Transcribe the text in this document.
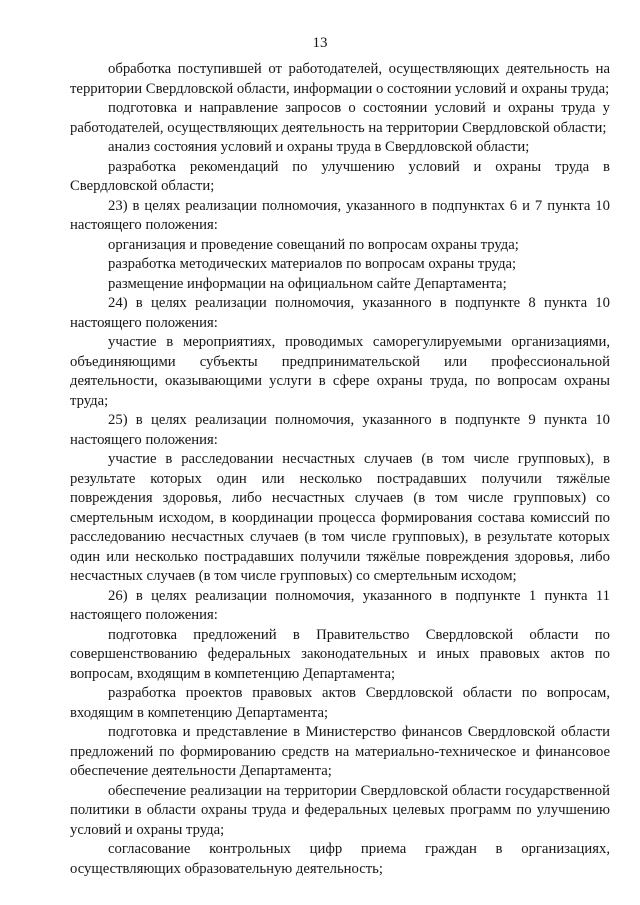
13

обработка поступившей от работодателей, осуществляющих деятельность на территории Свердловской области, информации о состоянии условий и охраны труда;

подготовка и направление запросов о состоянии условий и охраны труда у работодателей, осуществляющих деятельность на территории Свердловской области;

анализ состояния условий и охраны труда в Свердловской области;

разработка рекомендаций по улучшению условий и охраны труда в Свердловской области;

23) в целях реализации полномочия, указанного в подпунктах 6 и 7 пункта 10 настоящего положения:

организация и проведение совещаний по вопросам охраны труда;

разработка методических материалов по вопросам охраны труда;

размещение информации на официальном сайте Департамента;

24) в целях реализации полномочия, указанного в подпункте 8 пункта 10 настоящего положения:

участие в мероприятиях, проводимых саморегулируемыми организациями, объединяющими субъекты предпринимательской или профессиональной деятельности, оказывающими услуги в сфере охраны труда, по вопросам охраны труда;

25) в целях реализации полномочия, указанного в подпункте 9 пункта 10 настоящего положения:

участие в расследовании несчастных случаев (в том числе групповых), в результате которых один или несколько пострадавших получили тяжёлые повреждения здоровья, либо несчастных случаев (в том числе групповых) со смертельным исходом, в координации процесса формирования состава комиссий по расследованию несчастных случаев (в том числе групповых), в результате которых один или несколько пострадавших получили тяжёлые повреждения здоровья, либо несчастных случаев (в том числе групповых) со смертельным исходом;

26) в целях реализации полномочия, указанного в подпункте 1 пункта 11 настоящего положения:

подготовка предложений в Правительство Свердловской области по совершенствованию федеральных законодательных и иных правовых актов по вопросам, входящим в компетенцию Департамента;

разработка проектов правовых актов Свердловской области по вопросам, входящим в компетенцию Департамента;

подготовка и представление в Министерство финансов Свердловской области предложений по формированию средств на материально-техническое и финансовое обеспечение деятельности Департамента;

обеспечение реализации на территории Свердловской области государственной политики в области охраны труда и федеральных целевых программ по улучшению условий и охраны труда;

согласование контрольных цифр приема граждан в организациях, осуществляющих образовательную деятельность;
